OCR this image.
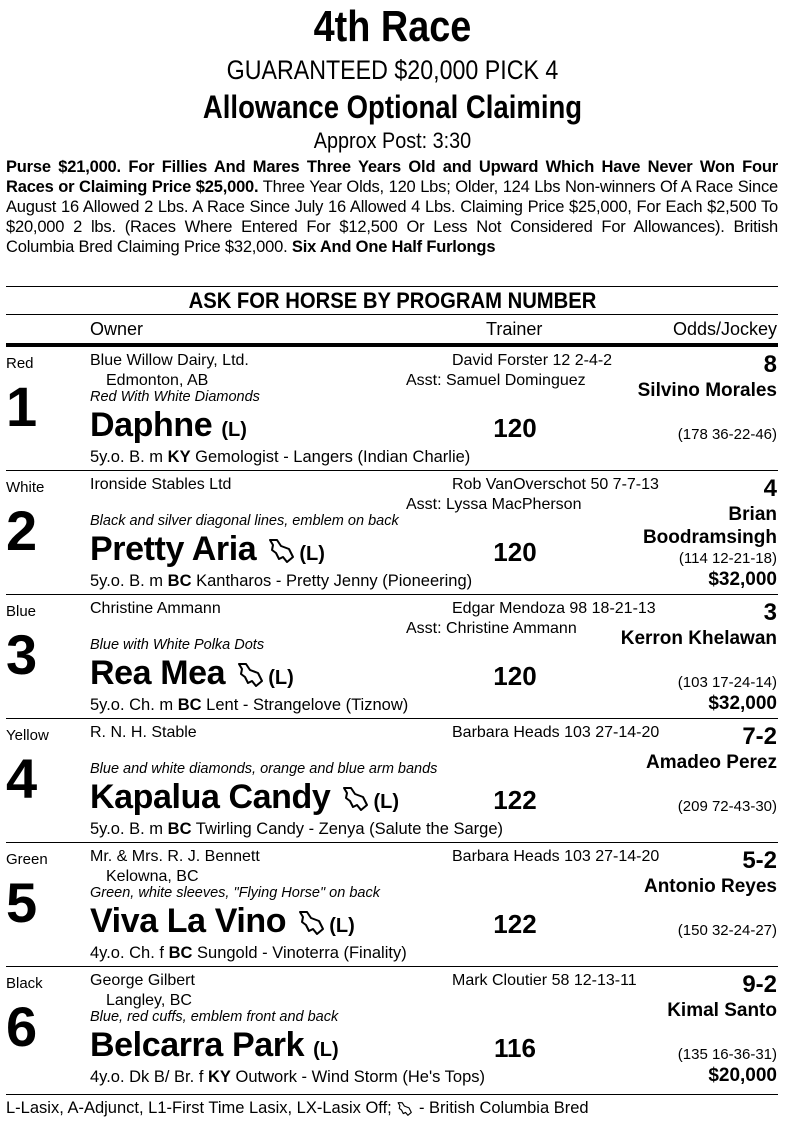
4th Race
GUARANTEED $20,000 PICK 4
Allowance Optional Claiming
Approx Post: 3:30
Purse $21,000. For Fillies And Mares Three Years Old and Upward Which Have Never Won Four Races or Claiming Price $25,000. Three Year Olds, 120 Lbs; Older, 124 Lbs Non-winners Of A Race Since August 16 Allowed 2 Lbs. A Race Since July 16 Allowed 4 Lbs. Claiming Price $25,000, For Each $2,500 To $20,000 2 lbs. (Races Where Entered For $12,500 Or Less Not Considered For Allowances). British Columbia Bred Claiming Price $32,000. Six And One Half Furlongs
ASK FOR HORSE BY PROGRAM NUMBER
Owner	Trainer	Odds/Jockey
Red
1
Blue Willow Dairy, Ltd.
Edmonton, AB
Red With White Diamonds
Daphne (L)
5y.o. B. m KY Gemologist - Langers (Indian Charlie)
David Forster 12 2-4-2
Asst: Samuel Dominguez
120
8
Silvino Morales
(178 36-22-46)
White
2
Ironside Stables Ltd
Black and silver diagonal lines, emblem on back
Pretty Aria (L)
5y.o. B. m BC Kantharos - Pretty Jenny (Pioneering)
Rob VanOverschot 50 7-7-13
Asst: Lyssa MacPherson
120
4
Brian Boodramsingh
(114 12-21-18)
$32,000
Blue
3
Christine Ammann
Blue with White Polka Dots
Rea Mea (L)
5y.o. Ch. m BC Lent - Strangelove (Tiznow)
Edgar Mendoza 98 18-21-13
Asst: Christine Ammann
120
3
Kerron Khelawan
(103 17-24-14)
$32,000
Yellow
4
R. N. H. Stable
Blue and white diamonds, orange and blue arm bands
Kapalua Candy (L)
5y.o. B. m BC Twirling Candy - Zenya (Salute the Sarge)
Barbara Heads 103 27-14-20
122
7-2
Amadeo Perez
(209 72-43-30)
Green
5
Mr. & Mrs. R. J. Bennett
Kelowna, BC
Green, white sleeves, "Flying Horse" on back
Viva La Vino (L)
4y.o. Ch. f BC Sungold - Vinoterra (Finality)
Barbara Heads 103 27-14-20
122
5-2
Antonio Reyes
(150 32-24-27)
Black
6
George Gilbert
Langley, BC
Blue, red cuffs, emblem front and back
Belcarra Park (L)
4y.o. Dk B/ Br. f KY Outwork - Wind Storm (He's Tops)
Mark Cloutier 58 12-13-11
116
9-2
Kimal Santo
(135 16-36-31)
$20,000
L-Lasix, A-Adjunct, L1-First Time Lasix, LX-Lasix Off;  - British Columbia Bred
